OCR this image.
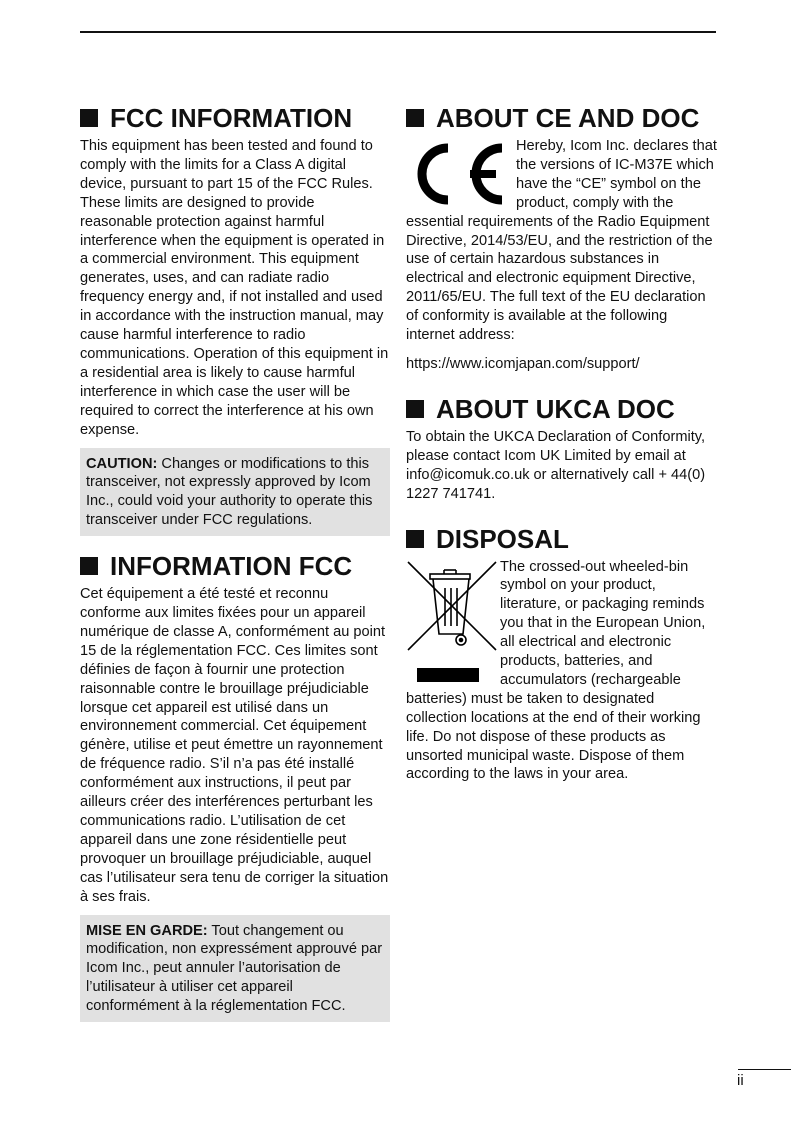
FCC INFORMATION

This equipment has been tested and found to comply with the limits for a Class A digital device, pursuant to part 15 of the FCC Rules. These limits are designed to provide reasonable protection against harmful interference when the equipment is operated in a commercial environment. This equipment generates, uses, and can radiate radio frequency energy and, if not installed and used in accordance with the instruction manual, may cause harmful interference to radio communications. Operation of this equipment in a residential area is likely to cause harmful interference in which case the user will be required to correct the interference at his own expense.

CAUTION: Changes or modifications to this transceiver, not expressly approved by Icom Inc., could void your authority to operate this transceiver under FCC regulations.
INFORMATION FCC

Cet équipement a été testé et reconnu conforme aux limites fixées pour un appareil numérique de classe A, conformément au point 15 de la réglementation FCC. Ces limites sont définies de façon à fournir une protection raisonnable contre le brouillage préjudiciable lorsque cet appareil est utilisé dans un environnement commercial. Cet équipement génère, utilise et peut émettre un rayonnement de fréquence radio. S’il n’a pas été installé conformément aux instructions, il peut par ailleurs créer des interférences perturbant les communications radio. L’utilisation de cet appareil dans une zone résidentielle peut provoquer un brouillage préjudiciable, auquel cas l’utilisateur sera tenu de corriger la situation à ses frais.

MISE EN GARDE: Tout changement ou modification, non expressément approuvé par Icom Inc., peut annuler l’autorisation de l’utilisateur à utiliser cet appareil conformément à la réglementation FCC.
ABOUT CE AND DOC

Hereby, Icom Inc. declares that the versions of IC-M37E which have the “CE” symbol on the product, comply with the essential requirements of the Radio Equipment Directive, 2014/53/EU, and the restriction of the use of certain hazardous substances in electrical and electronic equipment Directive, 2011/65/EU. The full text of the EU declaration of conformity is available at the following internet address:

https://www.icomjapan.com/support/

ABOUT UKCA DOC

To obtain the UKCA Declaration of Conformity, please contact Icom UK Limited by email at info@icomuk.co.uk or alternatively call + 44(0) 1227 741741.

DISPOSAL

The crossed-out wheeled-bin symbol on your product, literature, or packaging reminds you that in the European Union, all electrical and electronic products, batteries, and accumulators (rechargeable batteries) must be taken to designated collection locations at the end of their working life. Do not dispose of these products as unsorted municipal waste. Dispose of them according to the laws in your area.

ii
